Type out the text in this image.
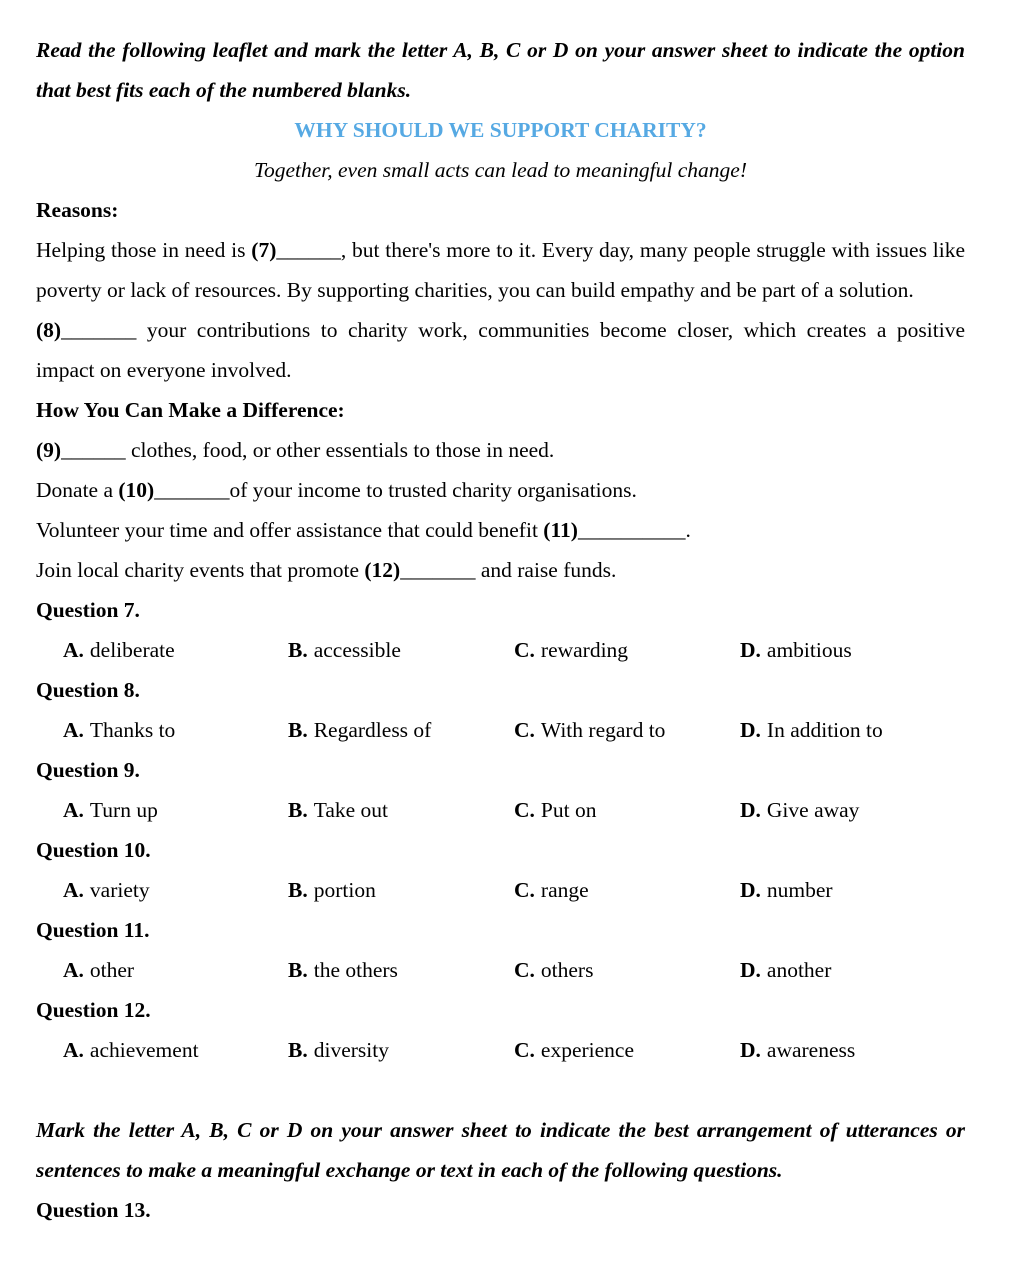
Read the following leaflet and mark the letter A, B, C or D on your answer sheet to indicate the option that best fits each of the numbered blanks.

WHY SHOULD WE SUPPORT CHARITY?

Together, even small acts can lead to meaningful change!

Reasons:

Helping those in need is (7)______, but there's more to it. Every day, many people struggle with issues like poverty or lack of resources. By supporting charities, you can build empathy and be part of a solution.

(8)_______ your contributions to charity work, communities become closer, which creates a positive impact on everyone involved.

How You Can Make a Difference:

(9)______ clothes, food, or other essentials to those in need.

Donate a (10)_______of your income to trusted charity organisations.

Volunteer your time and offer assistance that could benefit (11)__________.

Join local charity events that promote (12)_______ and raise funds.

Question 7.

A. deliberate	B. accessible	C. rewarding	D. ambitious

Question 8.

A. Thanks to	B. Regardless of	C. With regard to	D. In addition to

Question 9.

A. Turn up	B. Take out	C. Put on	D. Give away

Question 10.

A. variety	B. portion	C. range	D. number

Question 11.

A. other	B. the others	C. others	D. another

Question 12.

A. achievement	B. diversity	C. experience	D. awareness

Mark the letter A, B, C or D on your answer sheet to indicate the best arrangement of utterances or sentences to make a meaningful exchange or text in each of the following questions.

Question 13.
